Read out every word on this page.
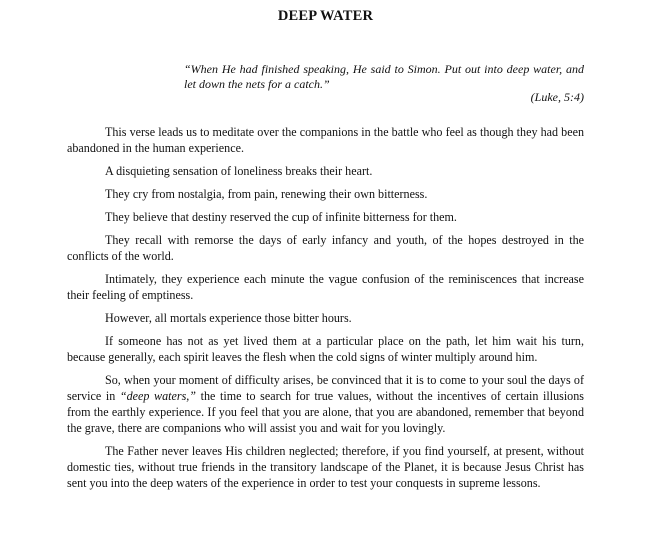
DEEP WATER

“When He had finished speaking, He said to Simon. Put out into deep water, and let down the nets for a catch.”

(Luke, 5:4)

This verse leads us to meditate over the companions in the battle who feel as though they had been abandoned in the human experience.

A disquieting sensation of loneliness breaks their heart.

They cry from nostalgia, from pain, renewing their own bitterness.

They believe that destiny reserved the cup of infinite bitterness for them.

They recall with remorse the days of early infancy and youth, of the hopes destroyed in the conflicts of the world.

Intimately, they experience each minute the vague confusion of the reminiscences that increase their feeling of emptiness.

However, all mortals experience those bitter hours.

If someone has not as yet lived them at a particular place on the path, let him wait his turn, because generally, each spirit leaves the flesh when the cold signs of winter multiply around him.

So, when your moment of difficulty arises, be convinced that it is to come to your soul the days of service in “deep waters,” the time to search for true values, without the incentives of certain illusions from the earthly experience. If you feel that you are alone, that you are abandoned, remember that beyond the grave, there are companions who will assist you and wait for you lovingly.

The Father never leaves His children neglected; therefore, if you find yourself, at present, without domestic ties, without true friends in the transitory landscape of the Planet, it is because Jesus Christ has sent you into the deep waters of the experience in order to test your conquests in supreme lessons.
